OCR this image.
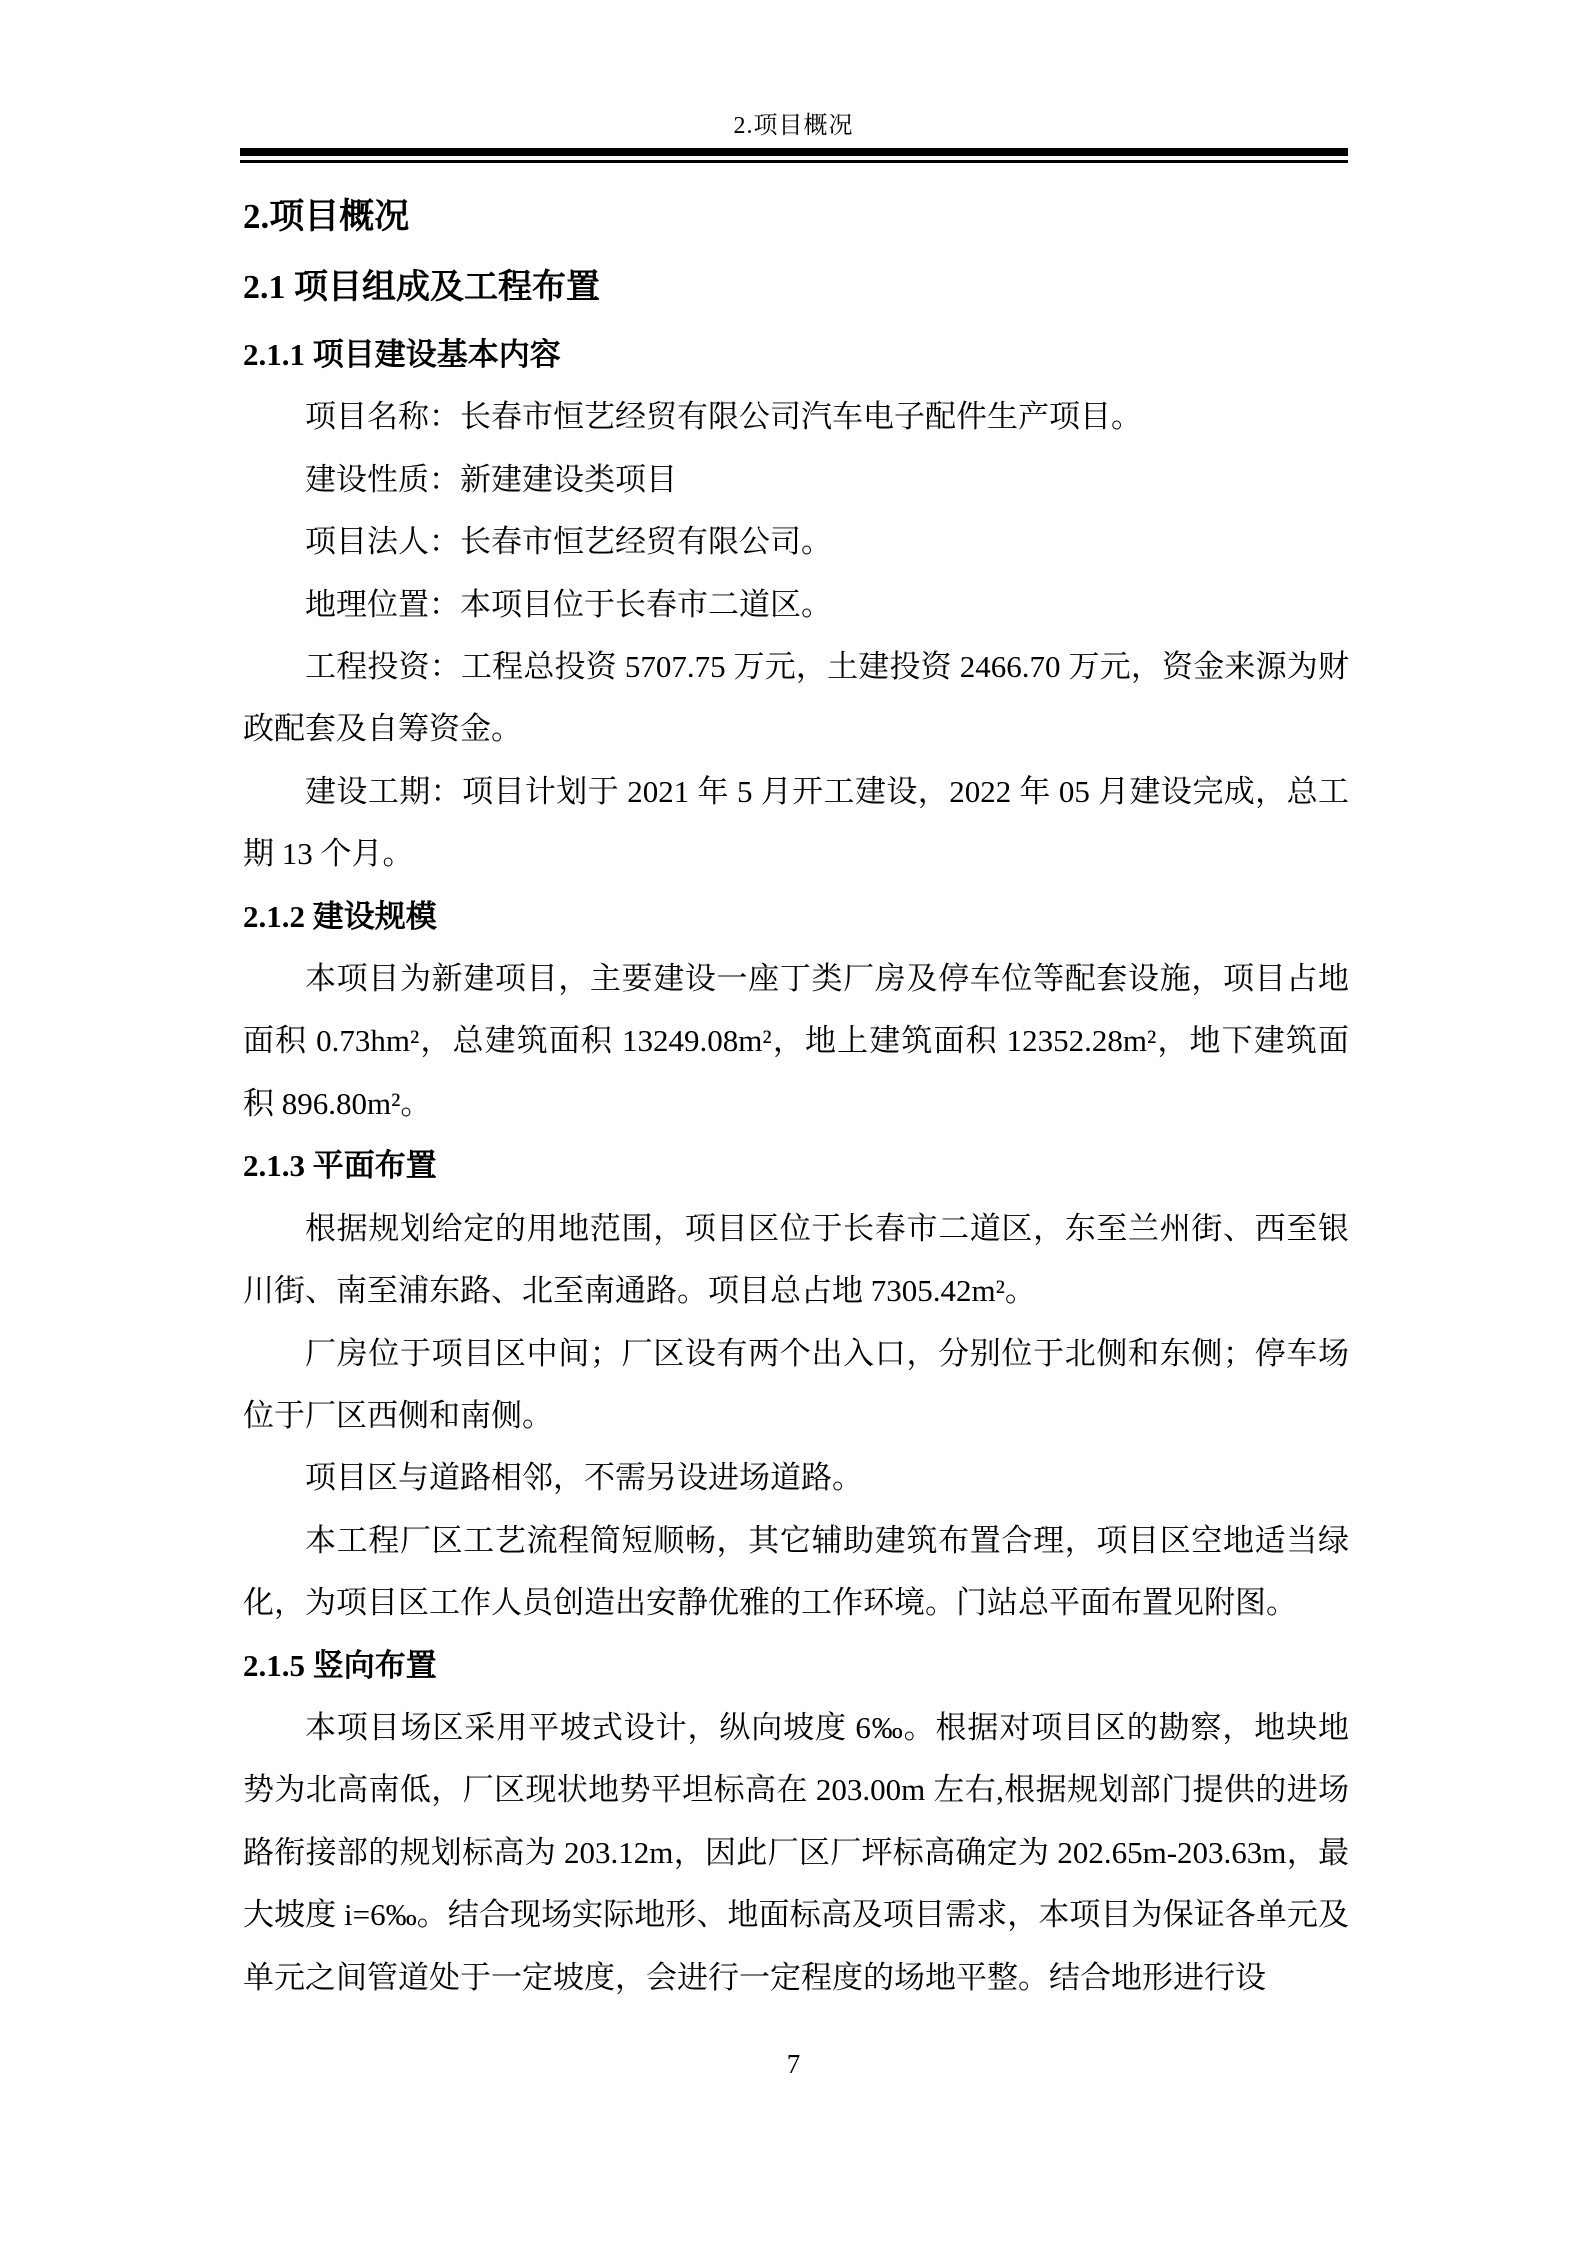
2.项目概况
2.项目概况
2.1 项目组成及工程布置
2.1.1 项目建设基本内容

项目名称：长春市恒艺经贸有限公司汽车电子配件生产项目。

建设性质：新建建设类项目

项目法人：长春市恒艺经贸有限公司。

地理位置：本项目位于长春市二道区。

工程投资：工程总投资 5707.75 万元，土建投资 2466.70 万元，资金来源为财政配套及自筹资金。

建设工期：项目计划于 2021 年 5 月开工建设，2022 年 05 月建设完成，总工期 13 个月。

2.1.2 建设规模

本项目为新建项目，主要建设一座丁类厂房及停车位等配套设施，项目占地面积 0.73hm²，总建筑面积 13249.08m²，地上建筑面积 12352.28m²，地下建筑面积 896.80m²。

2.1.3 平面布置

根据规划给定的用地范围，项目区位于长春市二道区，东至兰州街、西至银川街、南至浦东路、北至南通路。项目总占地 7305.42m²。

厂房位于项目区中间；厂区设有两个出入口，分别位于北侧和东侧；停车场位于厂区西侧和南侧。

项目区与道路相邻，不需另设进场道路。

本工程厂区工艺流程简短顺畅，其它辅助建筑布置合理，项目区空地适当绿化，为项目区工作人员创造出安静优雅的工作环境。门站总平面布置见附图。

2.1.5 竖向布置

本项目场区采用平坡式设计，纵向坡度 6‰。根据对项目区的勘察，地块地势为北高南低，厂区现状地势平坦标高在 203.00m 左右,根据规划部门提供的进场路衔接部的规划标高为 203.12m，因此厂区厂坪标高确定为 202.65m-203.63m，最大坡度 i=6‰。结合现场实际地形、地面标高及项目需求，本项目为保证各单元及单元之间管道处于一定坡度，会进行一定程度的场地平整。结合地形进行设

7
